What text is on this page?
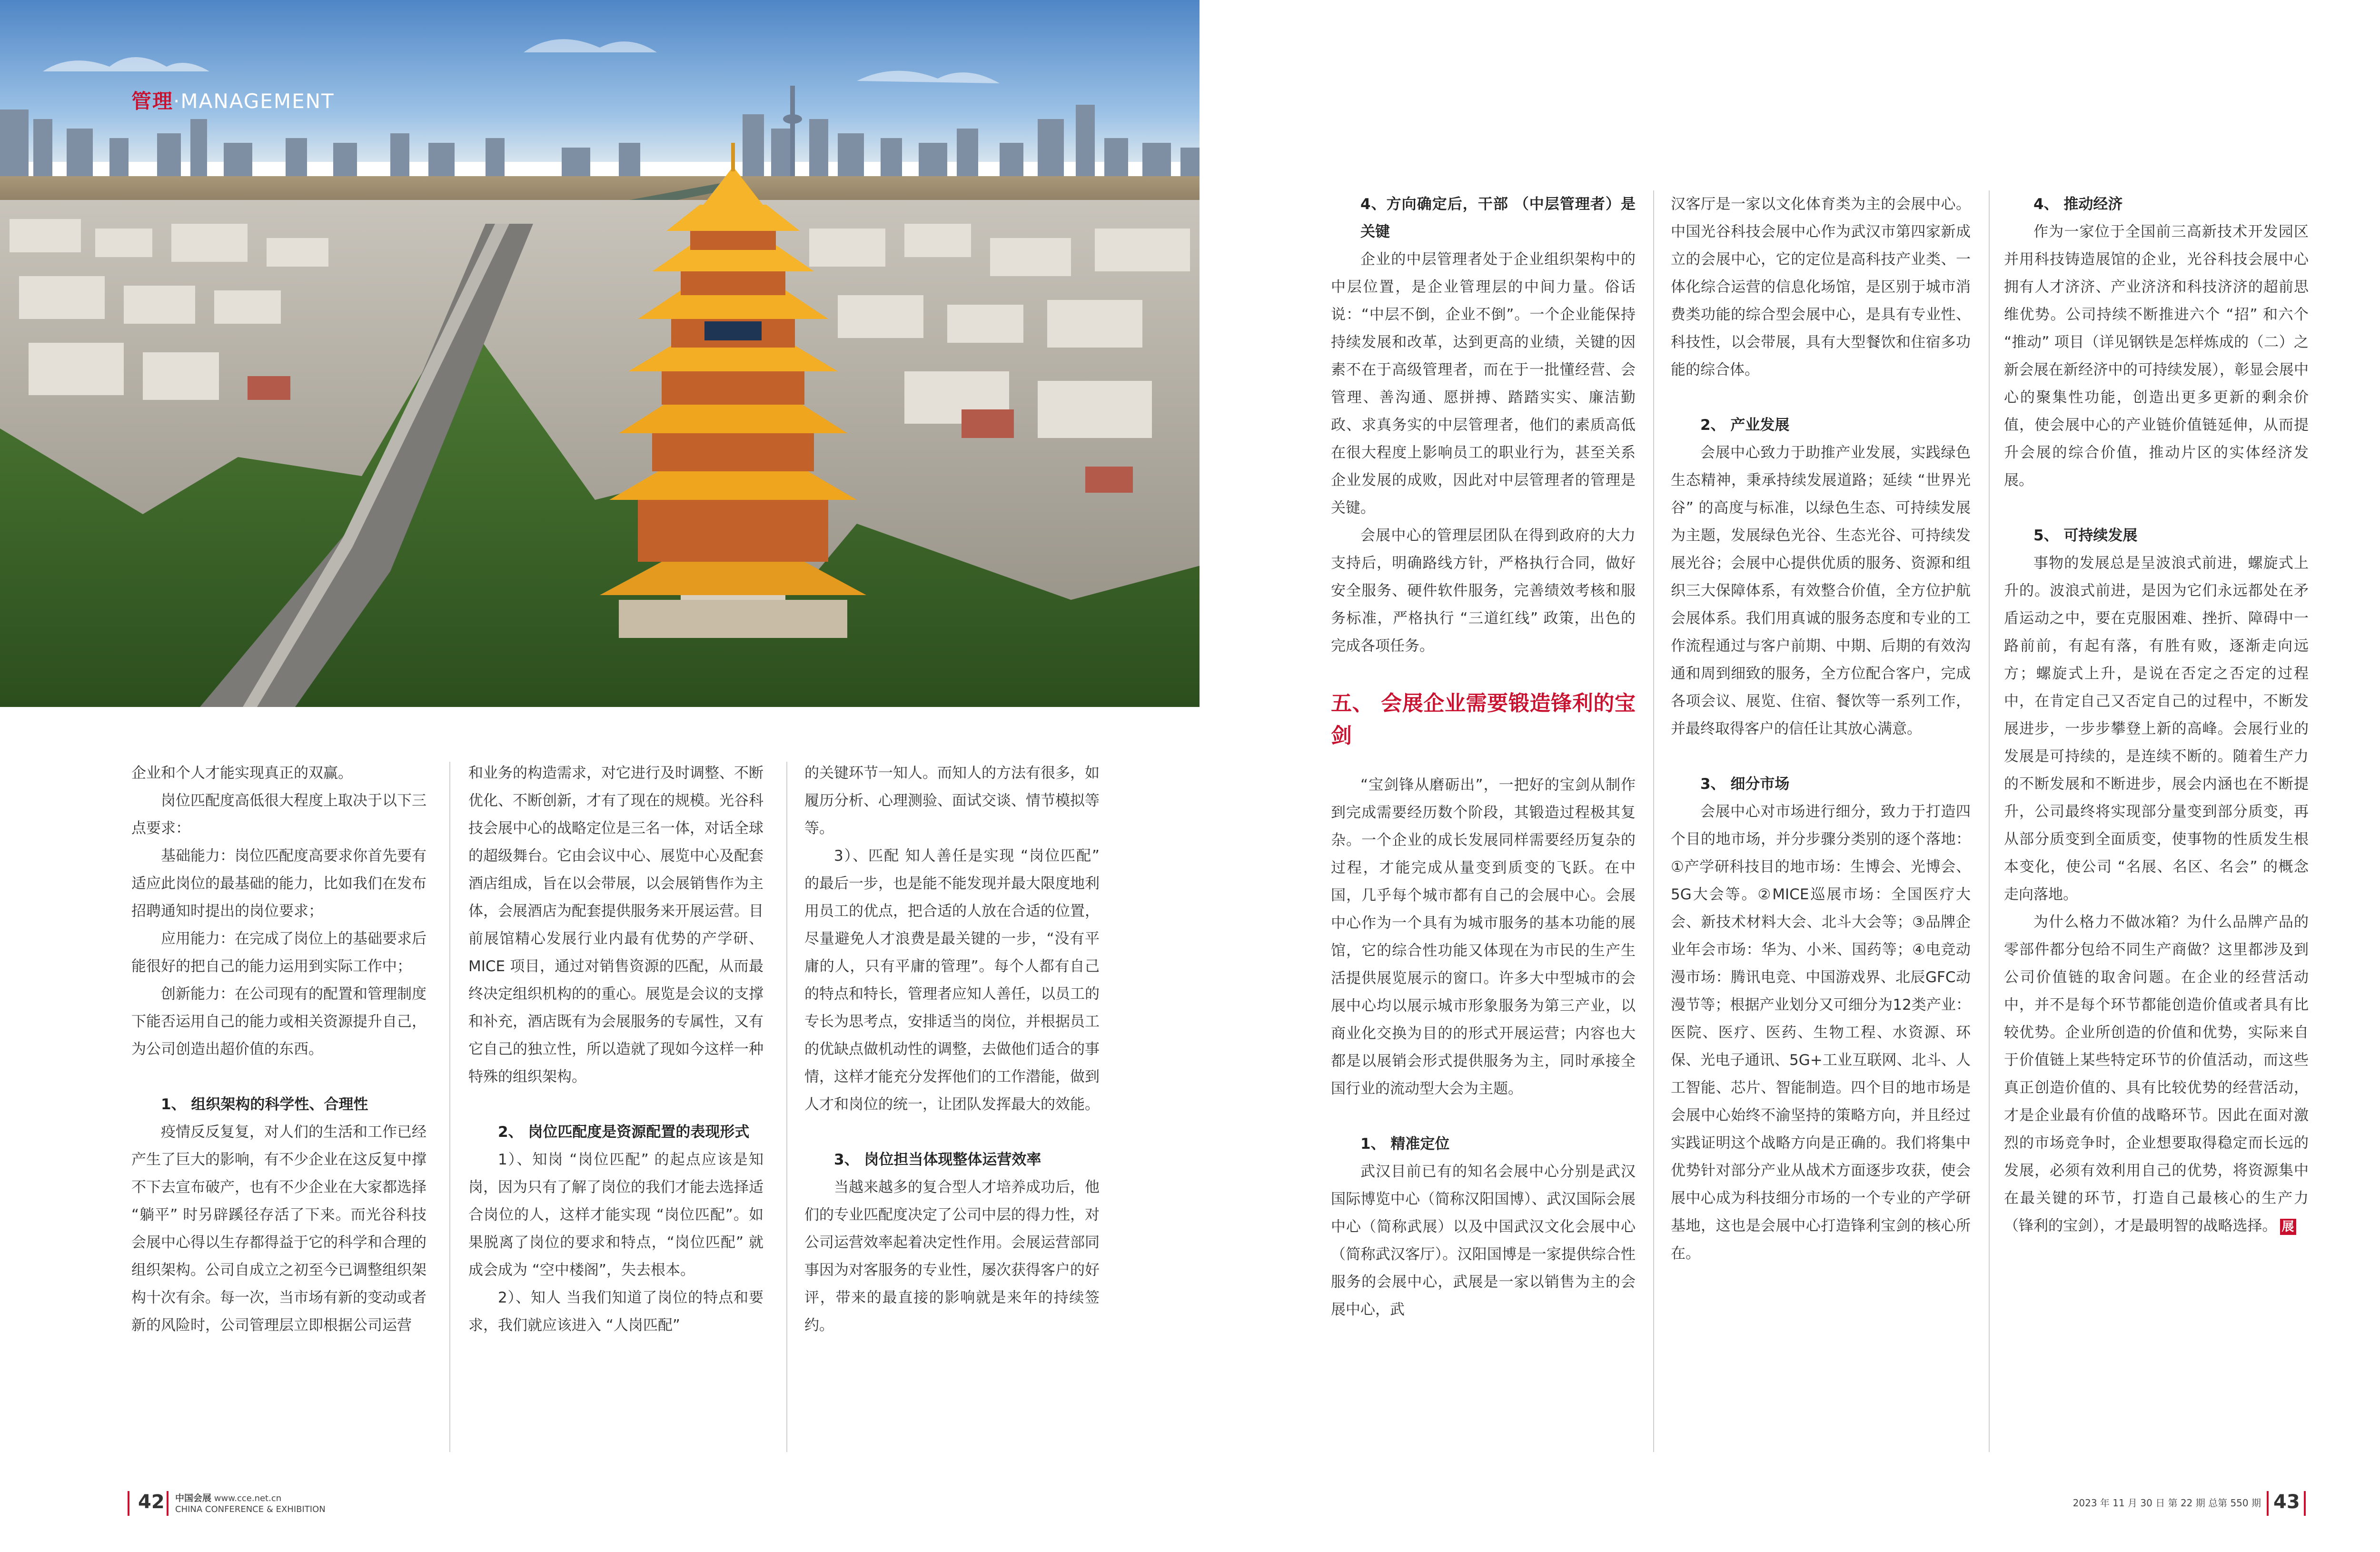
管理·MANAGEMENT

企业和个人才能实现真正的双赢。

岗位匹配度高低很大程度上取决于以下三点要求：

基础能力：岗位匹配度高要求你首先要有适应此岗位的最基础的能力，比如我们在发布招聘通知时提出的岗位要求；

应用能力：在完成了岗位上的基础要求后能很好的把自己的能力运用到实际工作中；

创新能力：在公司现有的配置和管理制度下能否运用自己的能力或相关资源提升自己，为公司创造出超价值的东西。

1、 组织架构的科学性、合理性

疫情反反复复，对人们的生活和工作已经产生了巨大的影响，有不少企业在这反复中撑不下去宣布破产，也有不少企业在大家都选择 “躺平” 时另辟蹊径存活了下来。而光谷科技会展中心得以生存都得益于它的科学和合理的组织架构。公司自成立之初至今已调整组织架构十次有余。每一次，当市场有新的变动或者新的风险时，公司管理层立即根据公司运营

和业务的构造需求，对它进行及时调整、不断优化、不断创新，才有了现在的规模。光谷科技会展中心的战略定位是三名一体，对话全球的超级舞台。它由会议中心、展览中心及配套酒店组成，旨在以会带展，以会展销售作为主体，会展酒店为配套提供服务来开展运营。目前展馆精心发展行业内最有优势的产学研、MICE 项目，通过对销售资源的匹配，从而最终决定组织机构的的重心。展览是会议的支撑和补充，酒店既有为会展服务的专属性，又有它自己的独立性，所以造就了现如今这样一种特殊的组织架构。

2、 岗位匹配度是资源配置的表现形式

1）、知岗 “岗位匹配” 的起点应该是知岗，因为只有了解了岗位的我们才能去选择适合岗位的人，这样才能实现 “岗位匹配”。如果脱离了岗位的要求和特点，“岗位匹配” 就成会成为 “空中楼阁”，失去根本。

2）、知人 当我们知道了岗位的特点和要求，我们就应该进入 “人岗匹配”

的关键环节一知人。而知人的方法有很多，如履历分析、心理测验、面试交谈、情节模拟等等。

3）、匹配 知人善任是实现 “岗位匹配” 的最后一步，也是能不能发现并最大限度地利用员工的优点，把合适的人放在合适的位置，尽量避免人才浪费是最关键的一步，“没有平庸的人，只有平庸的管理”。每个人都有自己的特点和特长，管理者应知人善任，以员工的专长为思考点，安排适当的岗位，并根据员工的优缺点做机动性的调整，去做他们适合的事情，这样才能充分发挥他们的工作潜能，做到人才和岗位的统一，让团队发挥最大的效能。

3、 岗位担当体现整体运营效率

当越来越多的复合型人才培养成功后，他们的专业匹配度决定了公司中层的得力性，对公司运营效率起着决定性作用。会展运营部同事因为对客服务的专业性，屡次获得客户的好评，带来的最直接的影响就是来年的持续签约。

42 中国会展 www.cce.net.cn
CHINA CONFERENCE & EXHIBITION
4、方向确定后，干部 （中层管理者）是关键

企业的中层管理者处于企业组织架构中的中层位置，是企业管理层的中间力量。俗话说：“中层不倒，企业不倒”。一个企业能保持持续发展和改革，达到更高的业绩，关键的因素不在于高级管理者，而在于一批懂经营、会管理、善沟通、愿拼搏、踏踏实实、廉洁勤政、求真务实的中层管理者，他们的素质高低在很大程度上影响员工的职业行为，甚至关系企业发展的成败，因此对中层管理者的管理是关键。

会展中心的管理层团队在得到政府的大力支持后，明确路线方针，严格执行合同，做好安全服务、硬件软件服务，完善绩效考核和服务标准，严格执行 “三道红线” 政策，出色的完成各项任务。

五、 会展企业需要锻造锋利的宝剑

“宝剑锋从磨砺出”，一把好的宝剑从制作到完成需要经历数个阶段，其锻造过程极其复杂。一个企业的成长发展同样需要经历复杂的过程，才能完成从量变到质变的飞跃。在中国，几乎每个城市都有自己的会展中心。会展中心作为一个具有为城市服务的基本功能的展馆，它的综合性功能又体现在为市民的生产生活提供展览展示的窗口。许多大中型城市的会展中心均以展示城市形象服务为第三产业，以商业化交换为目的的形式开展运营；内容也大都是以展销会形式提供服务为主，同时承接全国行业的流动型大会为主题。

1、 精准定位

武汉目前已有的知名会展中心分别是武汉国际博览中心（简称汉阳国博）、武汉国际会展中心（简称武展）以及中国武汉文化会展中心（简称武汉客厅）。汉阳国博是一家提供综合性服务的会展中心，武展是一家以销售为主的会展中心，武

汉客厅是一家以文化体育类为主的会展中心。中国光谷科技会展中心作为武汉市第四家新成立的会展中心，它的定位是高科技产业类、一体化综合运营的信息化场馆，是区别于城市消费类功能的综合型会展中心，是具有专业性、科技性，以会带展，具有大型餐饮和住宿多功能的综合体。

2、 产业发展

会展中心致力于助推产业发展，实践绿色生态精神，秉承持续发展道路；延续 “世界光谷” 的高度与标准，以绿色生态、可持续发展为主题，发展绿色光谷、生态光谷、可持续发展光谷；会展中心提供优质的服务、资源和组织三大保障体系，有效整合价值，全方位护航会展体系。我们用真诚的服务态度和专业的工作流程通过与客户前期、中期、后期的有效沟通和周到细致的服务，全方位配合客户，完成各项会议、展览、住宿、餐饮等一系列工作，并最终取得客户的信任让其放心满意。

3、 细分市场

会展中心对市场进行细分，致力于打造四个目的地市场，并分步骤分类别的逐个落地：①产学研科技目的地市场：生博会、光博会、5G大会等。②MICE巡展市场：全国医疗大会、新技术材料大会、北斗大会等；③品牌企业年会市场：华为、小米、国药等；④电竞动漫市场：腾讯电竞、中国游戏界、北辰GFC动漫节等；根据产业划分又可细分为12类产业：医院、医疗、医药、生物工程、水资源、环保、光电子通讯、5G+工业互联网、北斗、人工智能、芯片、智能制造。四个目的地市场是会展中心始终不渝坚持的策略方向，并且经过实践证明这个战略方向是正确的。我们将集中优势针对部分产业从战术方面逐步攻获，使会展中心成为科技细分市场的一个专业的产学研基地，这也是会展中心打造锋利宝剑的核心所在。

4、 推动经济

作为一家位于全国前三高新技术开发园区并用科技铸造展馆的企业，光谷科技会展中心拥有人才济济、产业济济和科技济济的超前思维优势。公司持续不断推进六个 “招” 和六个 “推动” 项目（详见钢铁是怎样炼成的（二）之新会展在新经济中的可持续发展），彰显会展中心的聚集性功能，创造出更多更新的剩余价值，使会展中心的产业链价值链延伸，从而提升会展的综合价值，推动片区的实体经济发展。

5、 可持续发展

事物的发展总是呈波浪式前进，螺旋式上升的。波浪式前进，是因为它们永远都处在矛盾运动之中，要在克服困难、挫折、障碍中一路前前，有起有落，有胜有败，逐渐走向远方；螺旋式上升，是说在否定之否定的过程中，在肯定自己又否定自己的过程中，不断发展进步，一步步攀登上新的高峰。会展行业的发展是可持续的，是连续不断的。随着生产力的不断发展和不断进步，展会内涵也在不断提升，公司最终将实现部分量变到部分质变，再从部分质变到全面质变，使事物的性质发生根本变化，使公司 “名展、名区、名会” 的概念走向落地。

为什么格力不做冰箱？为什么品牌产品的零部件都分包给不同生产商做？这里都涉及到公司价值链的取舍问题。在企业的经营活动中，并不是每个环节都能创造价值或者具有比较优势。企业所创造的价值和优势，实际来自于价值链上某些特定环节的价值活动，而这些真正创造价值的、具有比较优势的经营活动，才是企业最有价值的战略环节。因此在面对激烈的市场竞争时，企业想要取得稳定而长远的发展，必须有效利用自己的优势，将资源集中在最关键的环节，打造自己最核心的生产力（锋利的宝剑），才是最明智的战略选择。 展

2023 年 11 月 30 日 第 22 期 总第 550 期 43
